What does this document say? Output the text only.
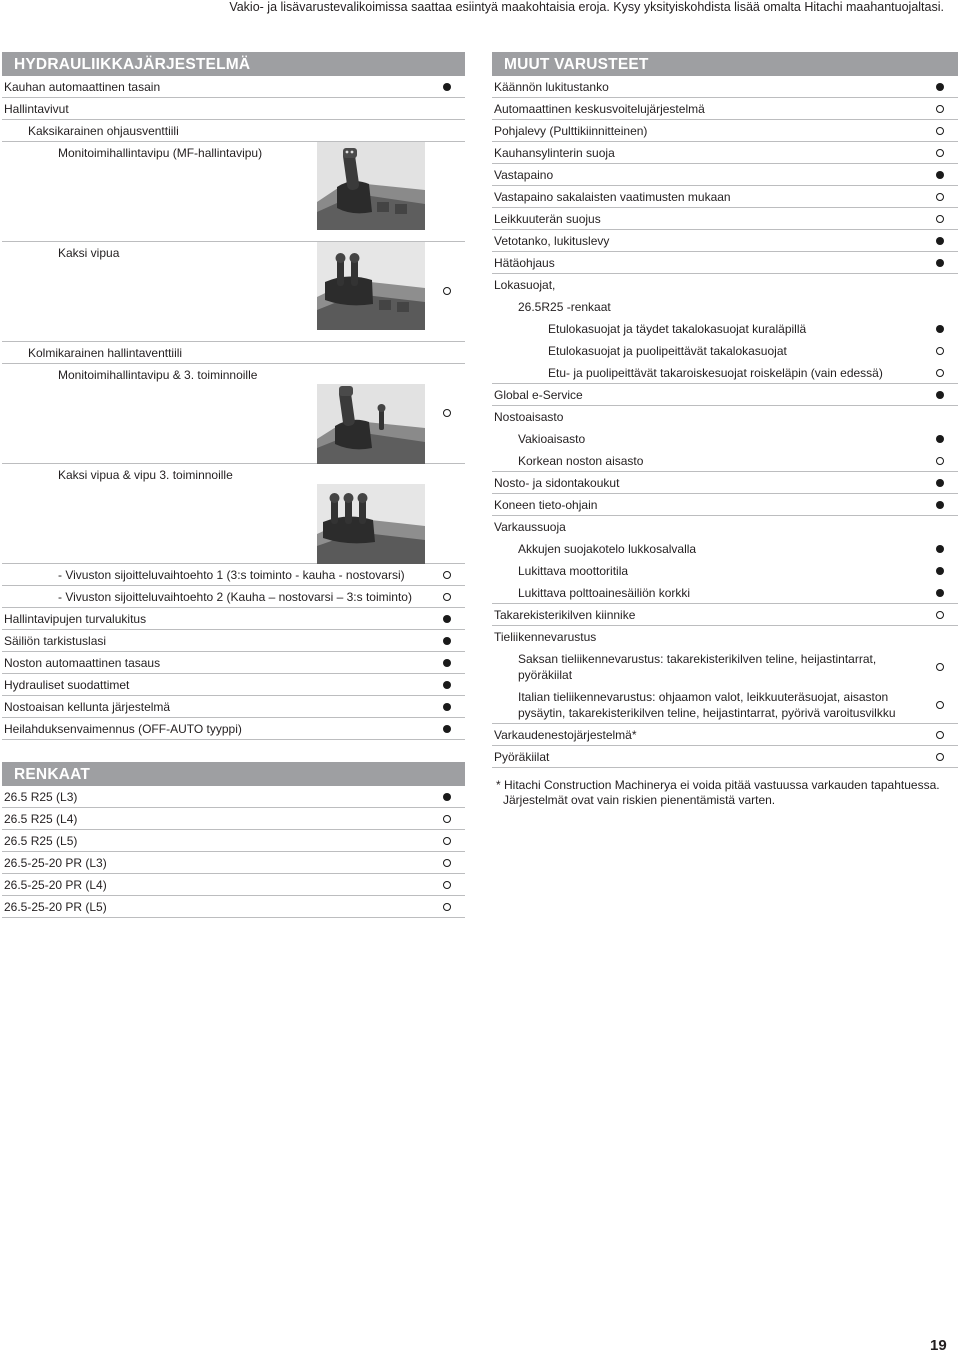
Vakio- ja lisävarustevalikoimissa saattaa esiintyä maakohtaisia eroja. Kysy yksityiskohdista lisää omalta Hitachi maahantuojaltasi.
HYDRAULIIKKAJÄRJESTELMÄ
Kauhan automaattinen tasain
Hallintavivut
Kaksikarainen ohjausventtiili
Monitoimihallintavipu (MF-hallintavipu)
Kaksi vipua
Kolmikarainen hallintaventtiili
Monitoimihallintavipu & 3. toiminnoille
Kaksi vipua & vipu 3. toiminnoille
- Vivuston sijoitteluvaihtoehto 1 (3:s toiminto - kauha - nostovarsi)
- Vivuston sijoitteluvaihtoehto 2 (Kauha – nostovarsi – 3:s toiminto)
Hallintavipujen turvalukitus
Säiliön tarkistuslasi
Noston automaattinen tasaus
Hydrauliset suodattimet
Nostoaisan kellunta järjestelmä
Heilahduksenvaimennus (OFF-AUTO tyyppi)
RENKAAT
26.5 R25 (L3)
26.5 R25 (L4)
26.5 R25 (L5)
26.5-25-20 PR (L3)
26.5-25-20 PR (L4)
26.5-25-20 PR (L5)
MUUT VARUSTEET
Käännön lukitustanko
Automaattinen keskusvoitelujärjestelmä
Pohjalevy (Pulttikiinnitteinen)
Kauhansylinterin suoja
Vastapaino
Vastapaino sakalaisten vaatimusten mukaan
Leikkuuterän suojus
Vetotanko, lukituslevy
Hätäohjaus
Lokasuojat,
26.5R25 -renkaat
Etulokasuojat ja täydet takalokasuojat kuraläpillä
Etulokasuojat ja puolipeittävät takalokasuojat
Etu- ja puolipeittävät takaroiskesuojat roiskeläpin (vain edessä)
Global e-Service
Nostoaisasto
Vakioaisasto
Korkean noston aisasto
Nosto- ja sidontakoukut
Koneen tieto-ohjain
Varkaussuoja
Akkujen suojakotelo lukkosalvalla
Lukittava moottoritila
Lukittava polttoainesäiliön korkki
Takarekisterikilven kiinnike
Tieliikennevarustus
Saksan tieliikennevarustus: takarekisterikilven teline, heijastintarrat, pyöräkiilat
Italian tieliikennevarustus: ohjaamon valot, leikkuuteräsuojat, aisaston pysäytin, takarekisterikilven teline, heijastintarrat, pyörivä varoitusvilkku
Varkaudenestojärjestelmä*
Pyöräkiilat
* Hitachi Construction Machinerya ei voida pitää vastuussa varkauden tapahtuessa.
Järjestelmät ovat vain riskien pienentämistä varten.
19
